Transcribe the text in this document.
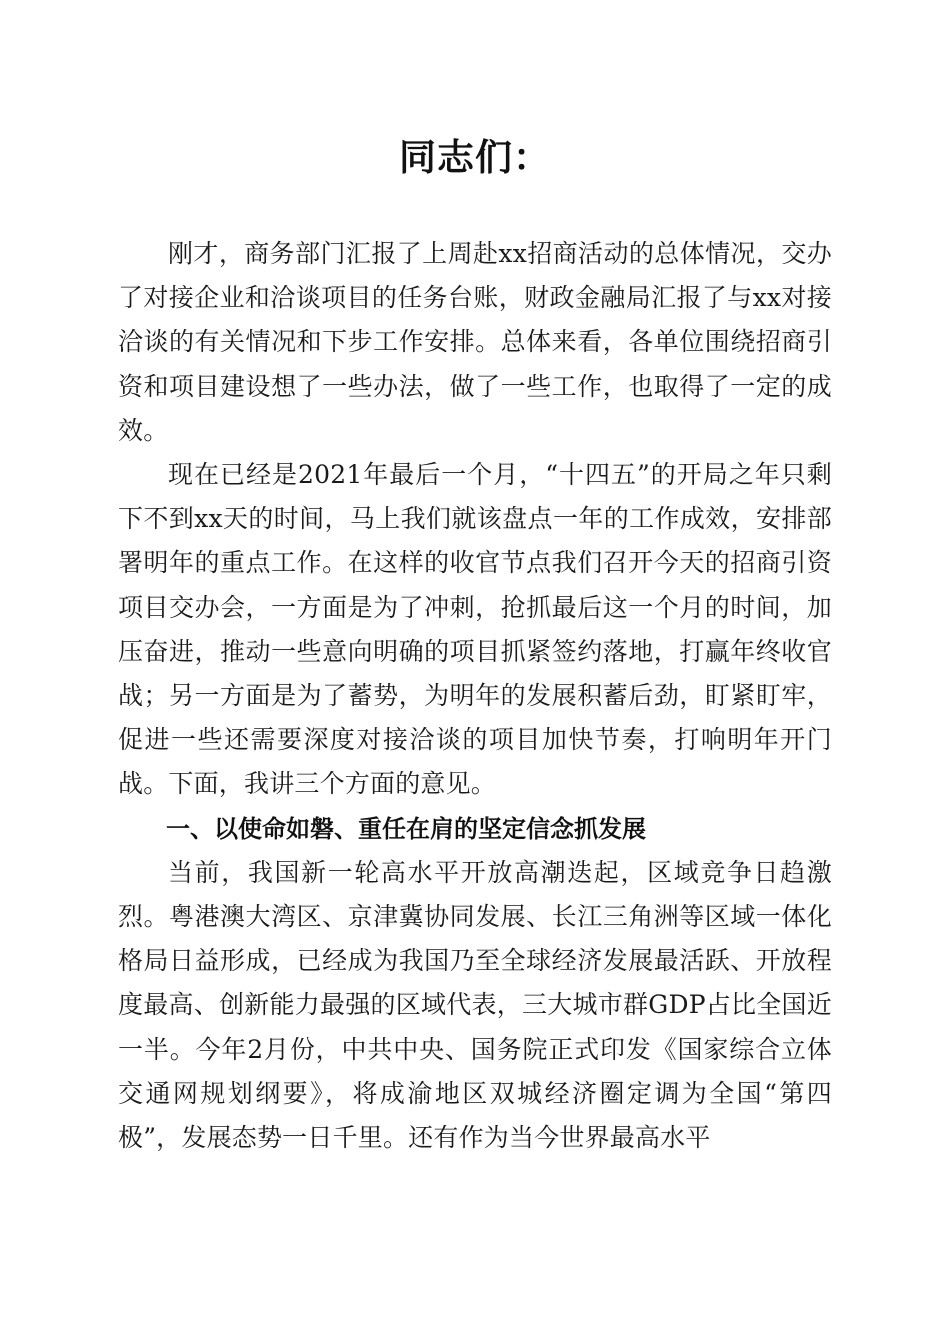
同志们：

刚才，商务部门汇报了上周赴xx招商活动的总体情况，交办了对接企业和洽谈项目的任务台账，财政金融局汇报了与xx对接洽谈的有关情况和下步工作安排。总体来看，各单位围绕招商引资和项目建设想了一些办法，做了一些工作，也取得了一定的成效。

现在已经是2021年最后一个月，“十四五”的开局之年只剩下不到xx天的时间，马上我们就该盘点一年的工作成效，安排部署明年的重点工作。在这样的收官节点我们召开今天的招商引资项目交办会，一方面是为了冲刺，抢抓最后这一个月的时间，加压奋进，推动一些意向明确的项目抓紧签约落地，打赢年终收官战；另一方面是为了蓄势，为明年的发展积蓄后劲，盯紧盯牢，促进一些还需要深度对接洽谈的项目加快节奏，打响明年开门战。下面，我讲三个方面的意见。

一、以使命如磐、重任在肩的坚定信念抓发展

当前，我国新一轮高水平开放高潮迭起，区域竞争日趋激烈。粤港澳大湾区、京津冀协同发展、长江三角洲等区域一体化格局日益形成，已经成为我国乃至全球经济发展最活跃、开放程度最高、创新能力最强的区域代表，三大城市群GDP占比全国近一半。今年2月份，中共中央、国务院正式印发《国家综合立体交通网规划纲要》，将成渝地区双城经济圈定调为全国“第四极”，发展态势一日千里。还有作为当今世界最高水平
